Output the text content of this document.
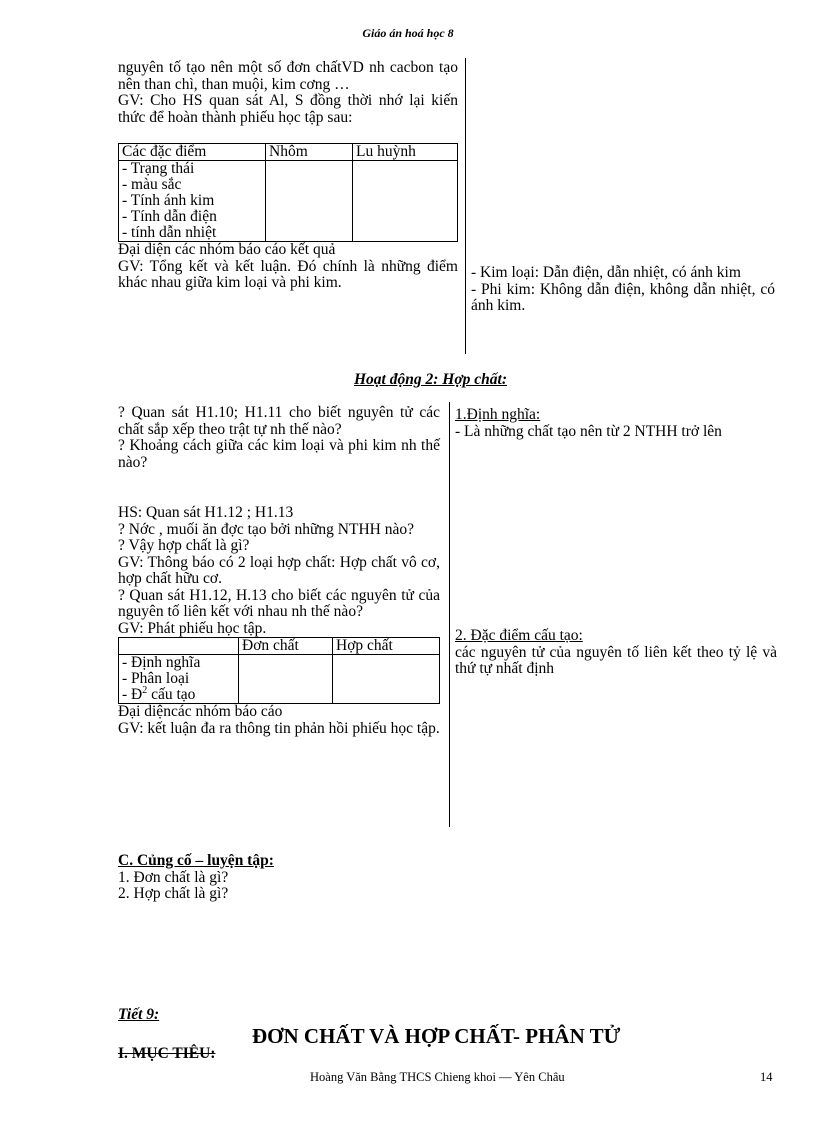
Giáo án hoá học 8

nguyên tố tạo nên một số đơn chấtVD nh cacbon tạo nên than chì, than muội, kim cơng …

GV: Cho HS quan sát Al, S đồng thời nhớ lại kiến thức để hoàn thành phiếu học tập sau:

Các đặc điểm	Nhôm	Lu huỳnh

- Trạng thái
- màu sắc
- Tính ánh kim
- Tính dẫn điện
- tính dẫn nhiệt		

Đại diện các nhóm báo cáo kết quả

GV: Tổng kết và kết luận. Đó chính là những điểm khác nhau giữa kim loại và phi kim.

- Kim loại: Dẫn điện, dẫn nhiệt, có ánh kim

- Phi kim: Không dẫn điện, không dẫn nhiệt, có ánh kim.

Hoạt động 2: Hợp chất:

? Quan sát H1.10; H1.11 cho biết nguyên tử các chất sắp xếp theo trật tự nh thế nào?

? Khoảng cách giữa các kim loại và phi kim nh thế nào?

HS: Quan sát H1.12 ; H1.13

? Nớc , muối ăn đợc tạo bởi những NTHH nào?

? Vậy hợp chất là gì?

GV: Thông báo có 2 loại hợp chất: Hợp chất vô cơ, hợp chất hữu cơ.

? Quan sát H1.12, H.13 cho biết các nguyên tử của nguyên tố liên kết với nhau nh thế nào?

GV: Phát phiếu học tập.

	Đơn chất	Hợp chất

- Định nghĩa
- Phân loại
- $Đ^2$ cấu tạo		

Đại diệncác nhóm báo cáo

GV: kết luận đa ra thông tin phản hồi phiếu học tập.

1.Định nghĩa:

- Là những chất tạo nên từ 2 NTHH trở lên

2. Đặc điểm cấu tạo:

các nguyên tử của nguyên tố liên kết theo tỷ lệ và thứ tự nhất định

C. Củng cố – luyện tập:

1. Đơn chất là gì?

2. Hợp chất là gì?

Tiết 9:
ĐƠN CHẤT VÀ HỢP CHẤT- PHÂN TỬ
I. MỤC TIÊU:
Hoàng Văn Bằng THCS Chieng khoi — Yên Châu	14
